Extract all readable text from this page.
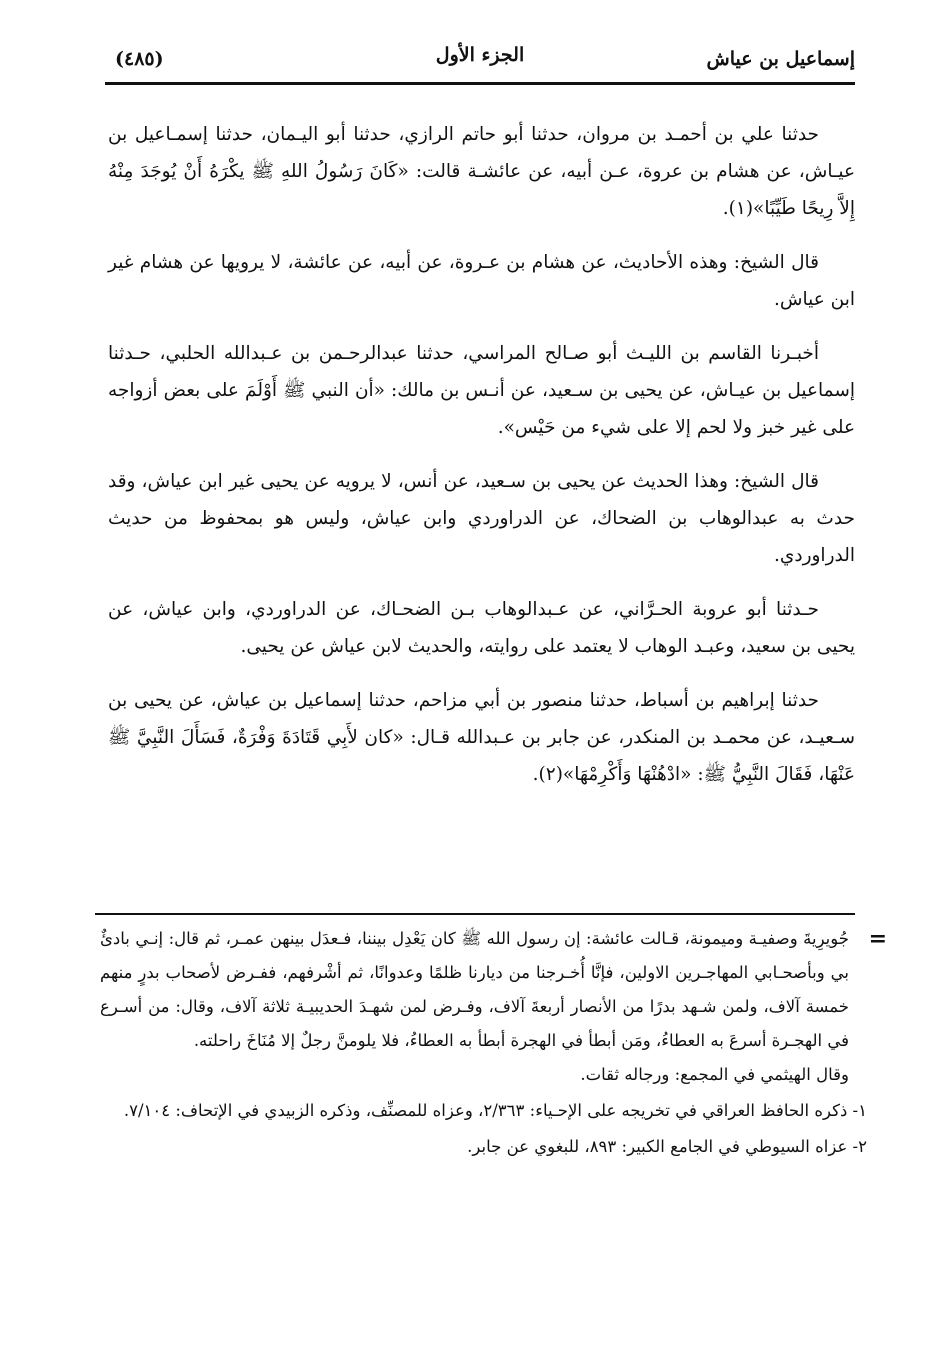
إسماعيل بن عياش
الجزء الأول
(٤٨٥)

حدثنا علي بن أحمـد بن مروان، حدثنا أبو حاتم الرازي، حدثنا أبو اليـمان، حدثنا إسمـاعيل بن عيـاش، عن هشام بن عروة، عـن أبيه، عن عائشـة قالت: «كَانَ رَسُولُ اللهِ ﷺ يكْرَهُ أَنْ يُوجَدَ مِنْهُ إِلاَّ رِيحًا طَيِّبًا»(١).

قال الشيخ: وهذه الأحاديث، عن هشام بن عـروة، عن أبيه، عن عائشة، لا يرويها عن هشام غير ابن عياش.

أخبـرنا القاسم بن الليـث أبو صـالح المراسي، حدثنا عبدالرحـمن بن عـبدالله الحلبي، حـدثنا إسماعيل بن عيـاش، عن يحيى بن سـعيد، عن أنـس بن مالك: «أن النبي ﷺ أَوْلَمَ على بعض أزواجه على غير خبز ولا لحم إلا على شيء من حَيْس».

قال الشيخ: وهذا الحديث عن يحيى بن سـعيد، عن أنس، لا يرويه عن يحيى غير ابن عياش، وقد حدث به عبدالوهاب بن الضحاك، عن الدراوردي وابن عياش، وليس هو بمحفوظ من حديث الدراوردي.

حـدثنا أبو عروبة الحـرَّاني، عن عـبدالوهاب بـن الضحـاك، عن الدراوردي، وابن عياش، عن يحيى بن سعيد، وعبـد الوهاب لا يعتمد على روايته، والحديث لابن عياش عن يحيى.

حدثنا إبراهيم بن أسباط، حدثنا منصور بن أبي مزاحم، حدثنا إسماعيل بن عياش، عن يحيى بن سـعيـد، عن محمـد بن المنكدر، عن جابر بن عـبدالله قـال: «كان لأَبِي قَتَادَةَ وَفْرَةٌ، فَسَأَلَ النَّبِيَّ ﷺ عَنْهَا، فَقَالَ النَّبِيُّ ﷺ: «ادْهُنْهَا وَأَكْرِمْهَا»(٢).

=
جُويرِيةَ وصفيـة وميمونة، قـالت عائشة: إن رسول الله ﷺ كان يَعْدِل بيننا، فـعدَل بينهن عمـر، ثم قال: إنـي بادئٌ بي وبأصحـابي المهاجـرين الاولين، فإنَّا أُخـرجنا من ديارنا ظلمًا وعدوانًا، ثم أشْرفهم، ففـرض لأصحاب بدرٍ منهم خمسة آلاف، ولمن شـهد بدرًا من الأنصار أربعةَ آلاف، وفـرض لمن شهـدَ الحديبيـة ثلاثة آلاف، وقال: من أسـرع في الهجـرة أسرعَ به العطاءُ، ومَن أبطأ في الهجرة أبطأ به العطاءُ، فلا يلومنَّ رجلٌ إلا مُنَاخَ راحلته.

وقال الهيثمي في المجمع: ورجاله ثقات.

١- ذكره الحافظ العراقي في تخريجه على الإحـياء: ٢/٣٦٣، وعزاه للمصنِّف، وذكره الزبيدي في الإتحاف: ٧/١٠٤.

٢- عزاه السيوطي في الجامع الكبير: ٨٩٣، للبغوي عن جابر.
